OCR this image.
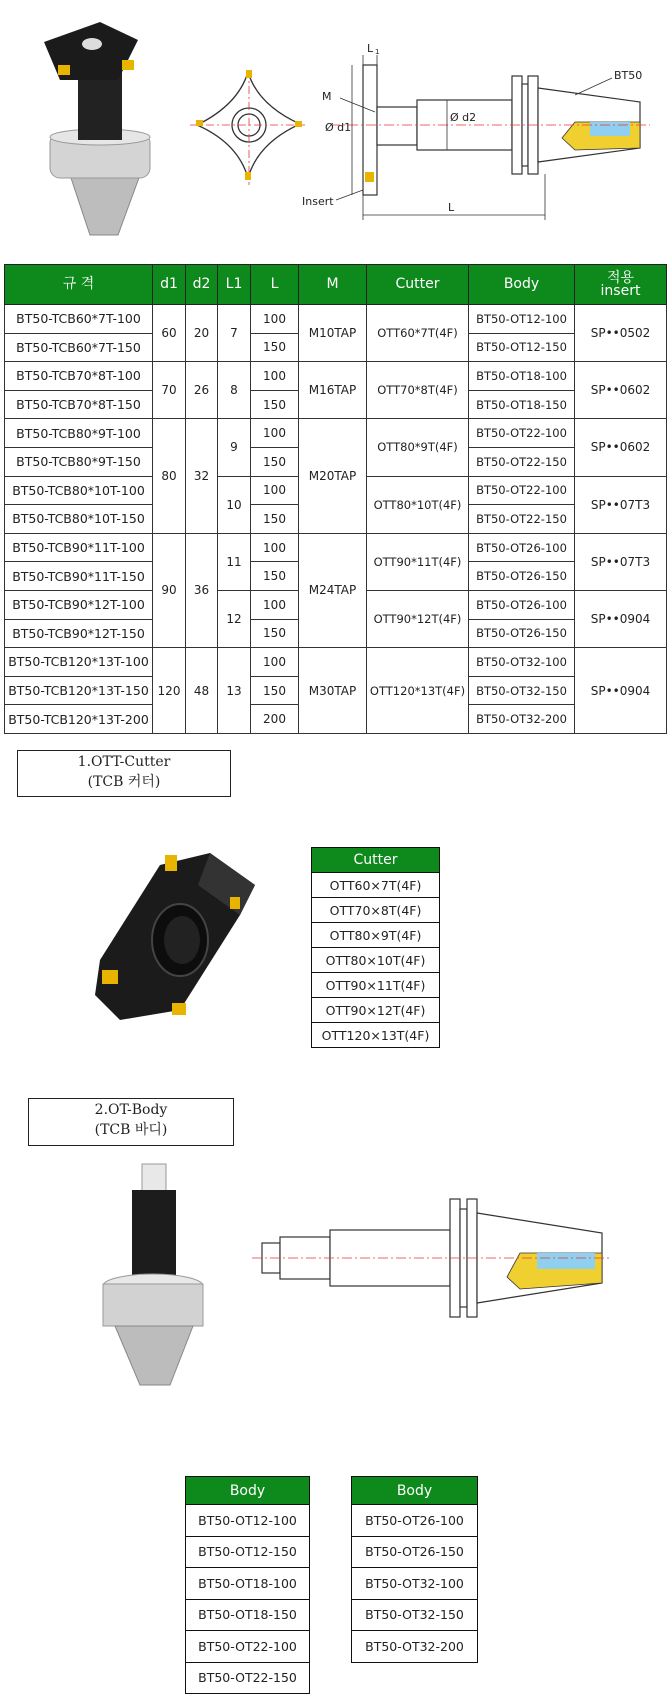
L 1
BT50
M
Ø d1
Ø d2
Insert	L
규 격	d1	d2	L1	L	M	Cutter	Body	적용
insert

BT50-TCB60*7T-100	60	20	7	100	M10TAP	OTT60*7T(4F)	BT50-OT12-100	SP••0502
BT50-TCB60*7T-150				150			BT50-OT12-150	
BT50-TCB70*8T-100	70	26	8	100	M16TAP	OTT70*8T(4F)	BT50-OT18-100	SP••0602
BT50-TCB70*8T-150				150			BT50-OT18-150	
BT50-TCB80*9T-100	80	32	9	100	M20TAP	OTT80*9T(4F)	BT50-OT22-100	SP••0602
BT50-TCB80*9T-150				150			BT50-OT22-150	
BT50-TCB80*10T-100			10	100		OTT80*10T(4F)	BT50-OT22-100	SP••07T3
BT50-TCB80*10T-150				150			BT50-OT22-150	
BT50-TCB90*11T-100	90	36	11	100	M24TAP	OTT90*11T(4F)	BT50-OT26-100	SP••07T3
BT50-TCB90*11T-150				150			BT50-OT26-150	
BT50-TCB90*12T-100			12	100		OTT90*12T(4F)	BT50-OT26-100	SP••0904
BT50-TCB90*12T-150				150			BT50-OT26-150	
BT50-TCB120*13T-100	120	48	13	100	M30TAP	OTT120*13T(4F)	BT50-OT32-100	SP••0904
BT50-TCB120*13T-150				150			BT50-OT32-150	
BT50-TCB120*13T-200				200			BT50-OT32-200	
1.OTT-Cutter
(TCB 커터)
Cutter
OTT60×7T(4F)
OTT70×8T(4F)
OTT80×9T(4F)
OTT80×10T(4F)
OTT90×11T(4F)
OTT90×12T(4F)
OTT120×13T(4F)
2.OT-Body
(TCB 바디)
Body
BT50-OT12-100
BT50-OT12-150
BT50-OT18-100
BT50-OT18-150
BT50-OT22-100
BT50-OT22-150
Body
BT50-OT26-100
BT50-OT26-150
BT50-OT32-100
BT50-OT32-150
BT50-OT32-200
